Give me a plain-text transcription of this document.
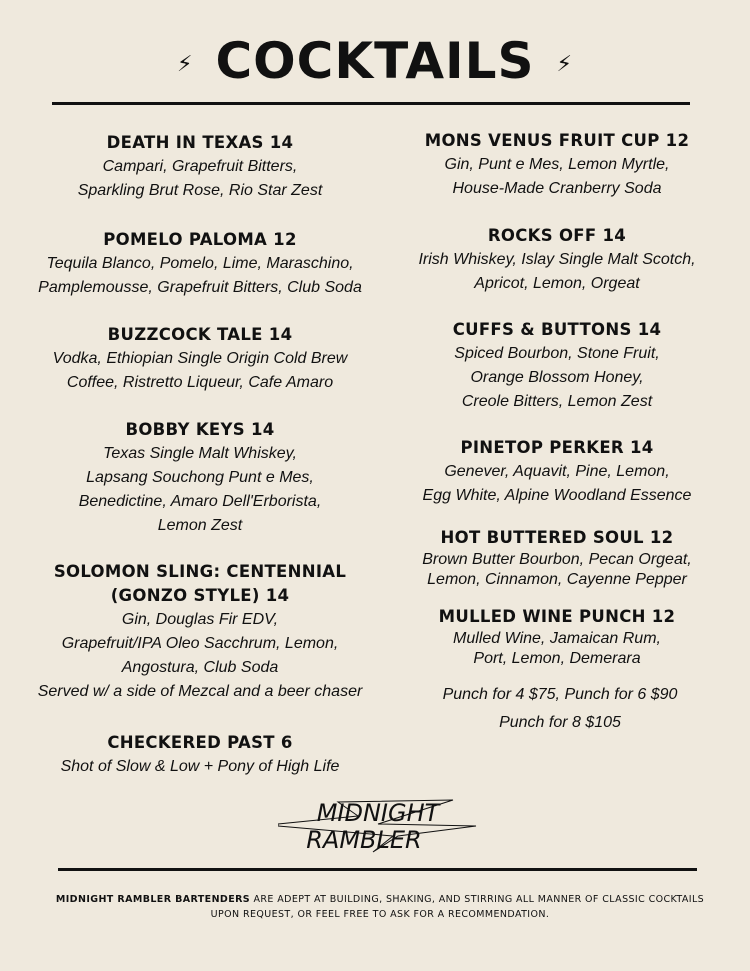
⚡ COCKTAILS ⚡
DEATH IN TEXAS 14
Campari, Grapefruit Bitters,
Sparkling Brut Rose, Rio Star Zest
POMELO PALOMA 12
Tequila Blanco, Pomelo, Lime, Maraschino,
Pamplemousse, Grapefruit Bitters, Club Soda
BUZZCOCK TALE 14
Vodka, Ethiopian Single Origin Cold Brew
Coffee, Ristretto Liqueur, Cafe Amaro
BOBBY KEYS 14
Texas Single Malt Whiskey,
Lapsang Souchong Punt e Mes,
Benedictine, Amaro Dell'Erborista,
Lemon Zest
SOLOMON SLING: CENTENNIAL (GONZO STYLE) 14
Gin, Douglas Fir EDV,
Grapefruit/IPA Oleo Sacchrum, Lemon,
Angostura, Club Soda
Served w/ a side of Mezcal and a beer chaser
CHECKERED PAST 6
Shot of Slow & Low + Pony of High Life
MONS VENUS FRUIT CUP 12
Gin, Punt e Mes, Lemon Myrtle,
House-Made Cranberry Soda
ROCKS OFF 14
Irish Whiskey, Islay Single Malt Scotch,
Apricot, Lemon, Orgeat
CUFFS & BUTTONS 14
Spiced Bourbon, Stone Fruit,
Orange Blossom Honey,
Creole Bitters, Lemon Zest
PINETOP PERKER 14
Genever, Aquavit, Pine, Lemon,
Egg White, Alpine Woodland Essence
HOT BUTTERED SOUL 12
Brown Butter Bourbon, Pecan Orgeat,
Lemon, Cinnamon, Cayenne Pepper
MULLED WINE PUNCH 12
Mulled Wine, Jamaican Rum,
Port, Lemon, Demerara
Punch for 4 $75, Punch for 6 $90
Punch for 8 $105
MIDNIGHT
RAMBLER
MIDNIGHT RAMBLER BARTENDERS ARE ADEPT AT BUILDING, SHAKING, AND STIRRING ALL MANNER OF CLASSIC COCKTAILS UPON REQUEST, OR FEEL FREE TO ASK FOR A RECOMMENDATION.
